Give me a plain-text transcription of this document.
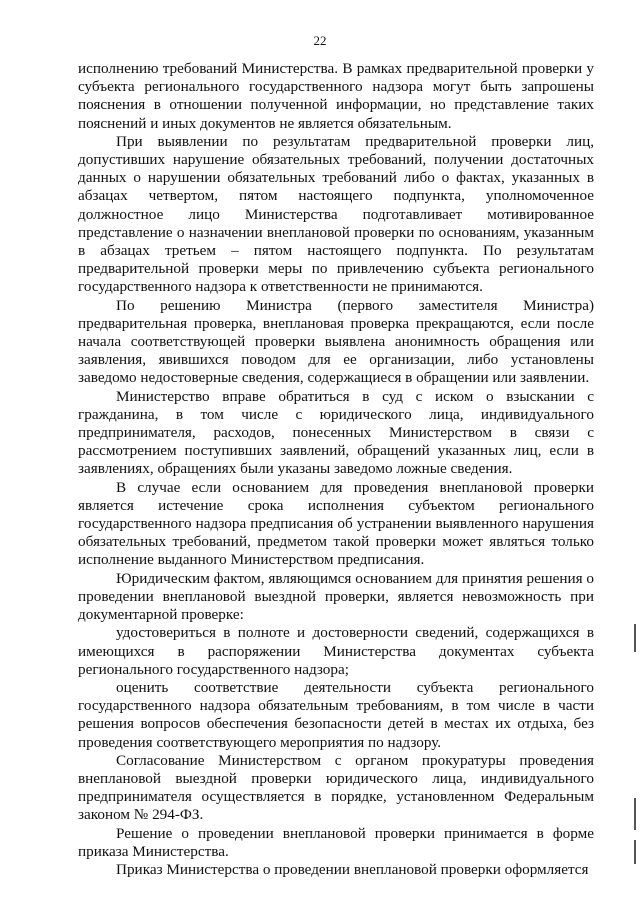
22

исполнению требований Министерства. В рамках предварительной проверки у субъекта регионального государственного надзора могут быть запрошены пояснения в отношении полученной информации, но представление таких пояснений и иных документов не является обязательным.

При выявлении по результатам предварительной проверки лиц, допустивших нарушение обязательных требований, получении достаточных данных о нарушении обязательных требований либо о фактах, указанных в абзацах четвертом, пятом настоящего подпункта, уполномоченное должностное лицо Министерства подготавливает мотивированное представление о назначении внеплановой проверки по основаниям, указанным в абзацах третьем – пятом настоящего подпункта. По результатам предварительной проверки меры по привлечению субъекта регионального государственного надзора к ответственности не принимаются.

По решению Министра (первого заместителя Министра) предварительная проверка, внеплановая проверка прекращаются, если после начала соответствующей проверки выявлена анонимность обращения или заявления, явившихся поводом для ее организации, либо установлены заведомо недостоверные сведения, содержащиеся в обращении или заявлении.

Министерство вправе обратиться в суд с иском о взыскании с гражданина, в том числе с юридического лица, индивидуального предпринимателя, расходов, понесенных Министерством в связи с рассмотрением поступивших заявлений, обращений указанных лиц, если в заявлениях, обращениях были указаны заведомо ложные сведения.

В случае если основанием для проведения внеплановой проверки является истечение срока исполнения субъектом регионального государственного надзора предписания об устранении выявленного нарушения обязательных требований, предметом такой проверки может являться только исполнение выданного Министерством предписания.

Юридическим фактом, являющимся основанием для принятия решения о проведении внеплановой выездной проверки, является невозможность при документарной проверке:

удостовериться в полноте и достоверности сведений, содержащихся в имеющихся в распоряжении Министерства документах субъекта регионального государственного надзора;

оценить соответствие деятельности субъекта регионального государственного надзора обязательным требованиям, в том числе в части решения вопросов обеспечения безопасности детей в местах их отдыха, без проведения соответствующего мероприятия по надзору.

Согласование Министерством с органом прокуратуры проведения внеплановой выездной проверки юридического лица, индивидуального предпринимателя осуществляется в порядке, установленном Федеральным законом № 294-ФЗ.

Решение о проведении внеплановой проверки принимается в форме приказа Министерства.

Приказ Министерства о проведении внеплановой проверки оформляется
